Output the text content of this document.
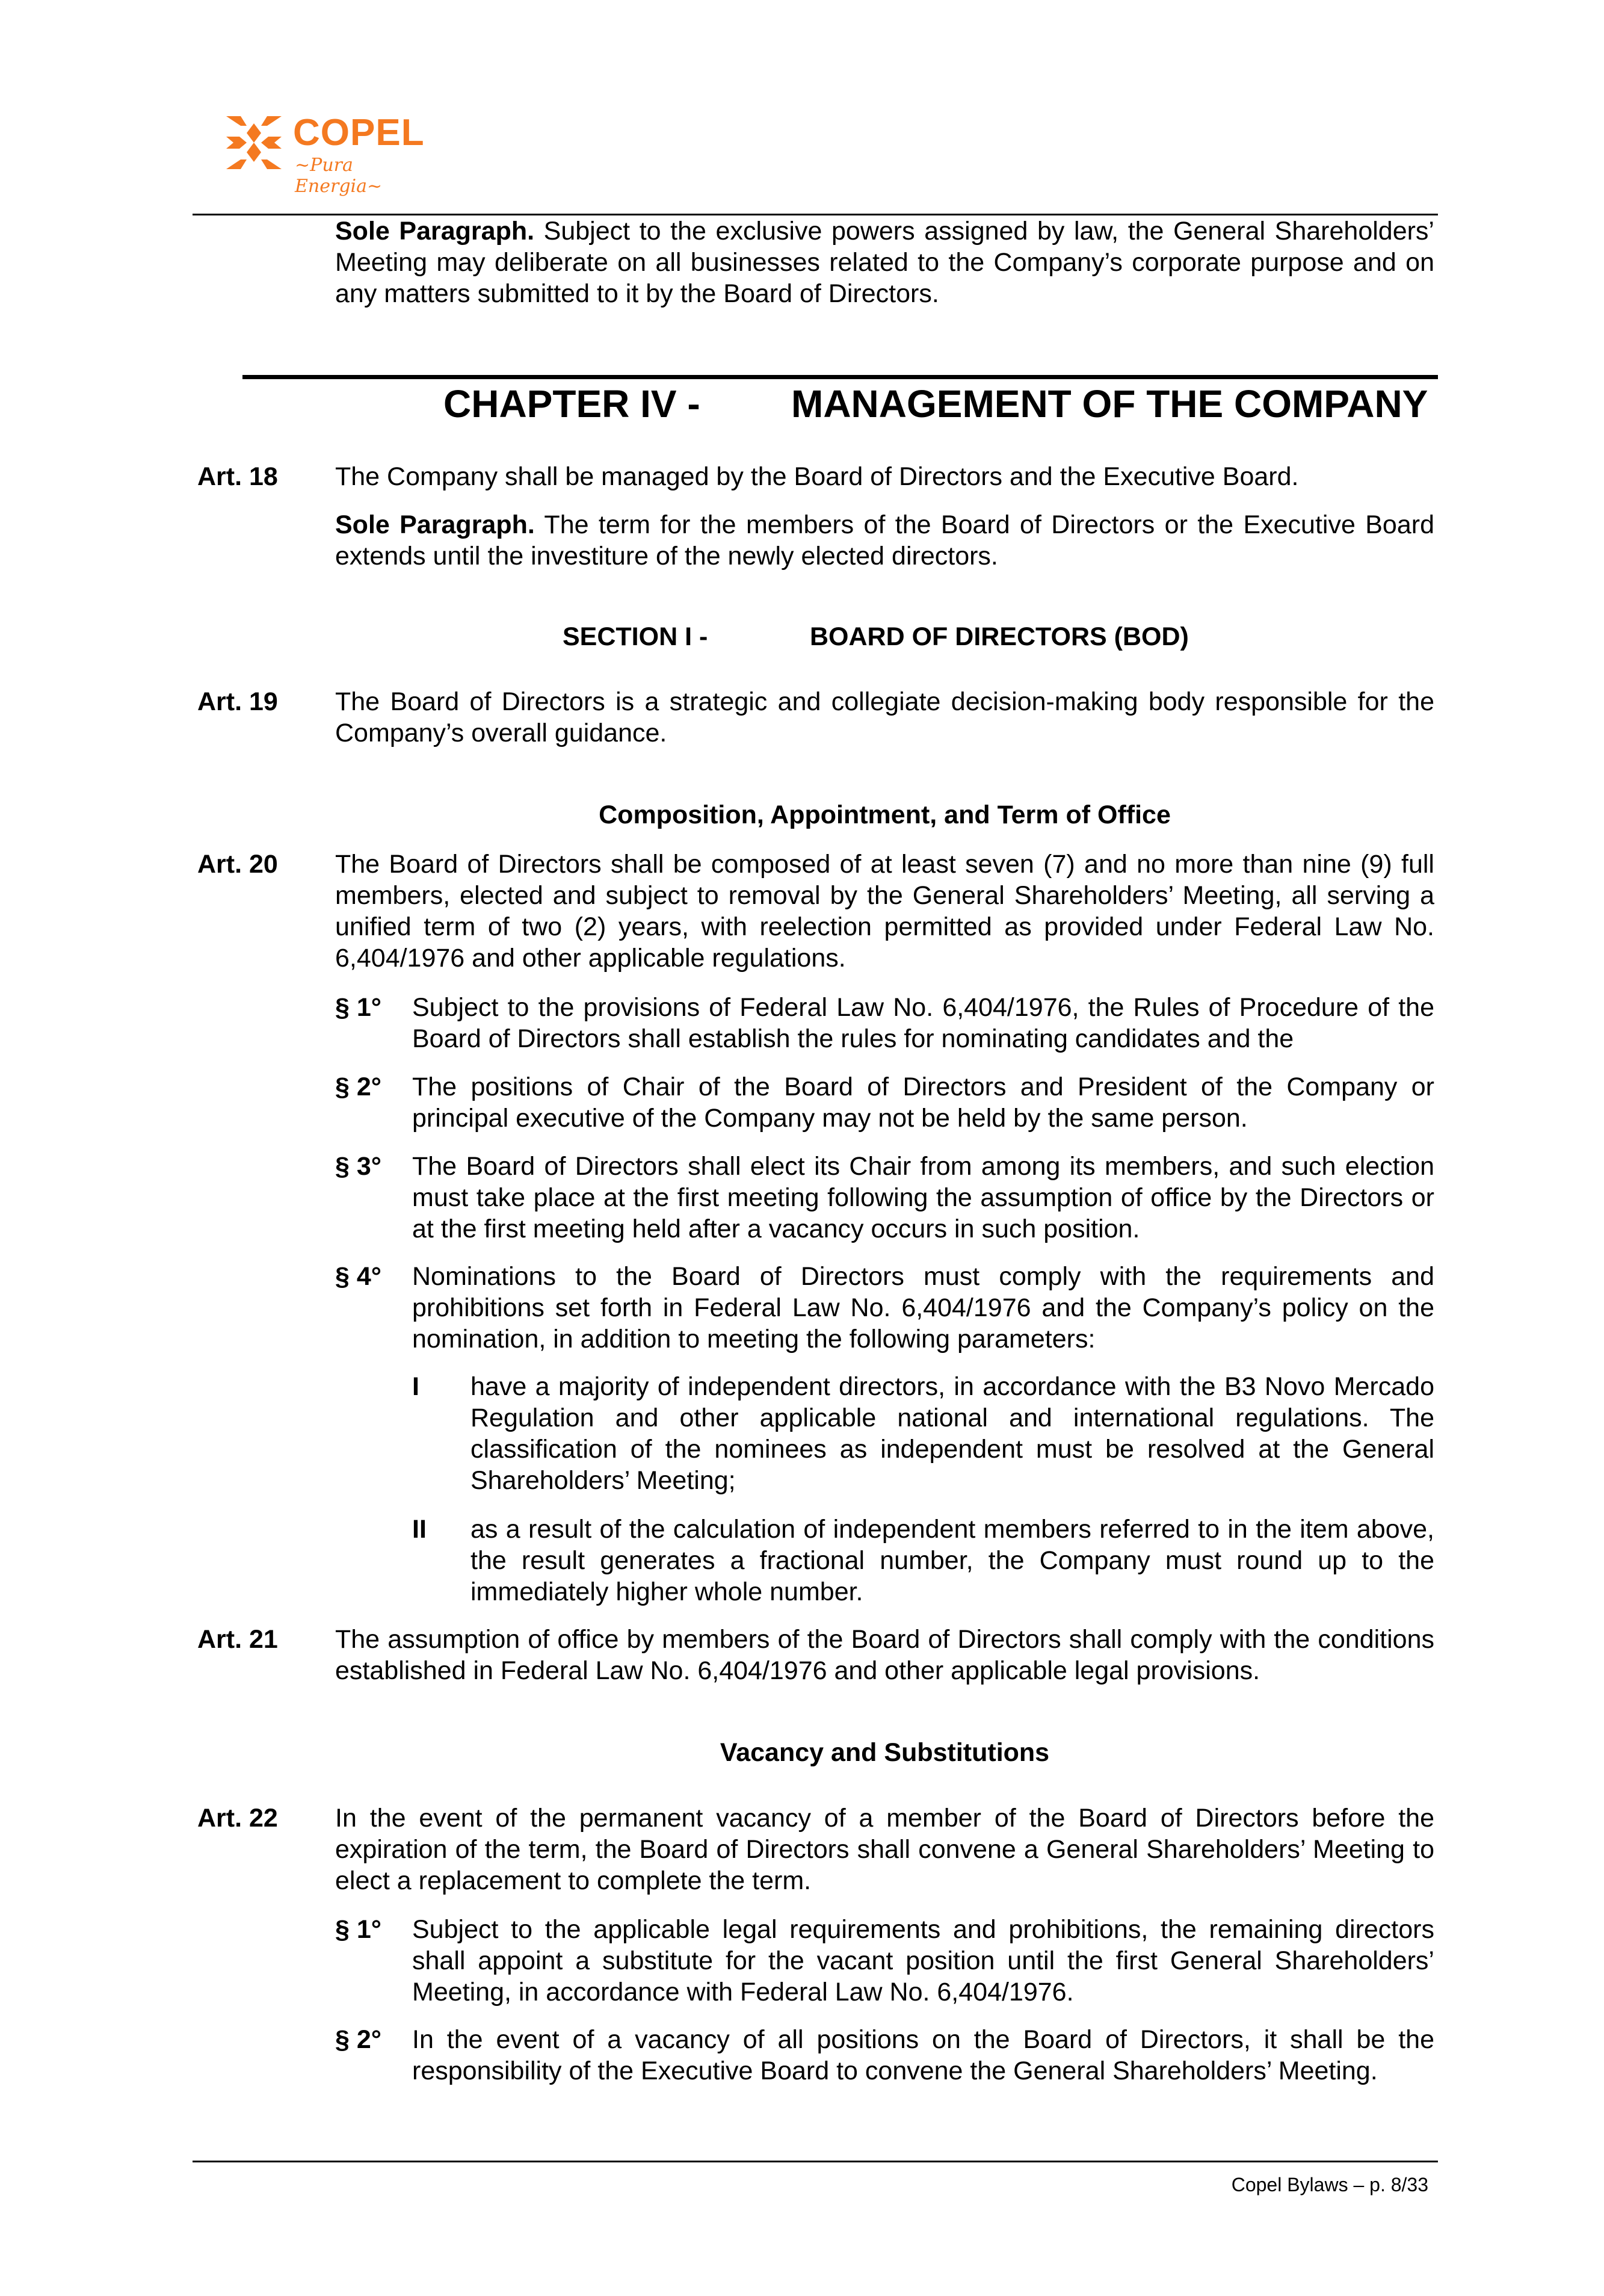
COPEL
~Pura Energia~
Sole Paragraph. Subject to the exclusive powers assigned by law, the General Shareholders’ Meeting may deliberate on all businesses related to the Company’s corporate purpose and on any matters submitted to it by the Board of Directors.
CHAPTER IV - MANAGEMENT OF THE COMPANY
Art. 18 The Company shall be managed by the Board of Directors and the Executive Board.
Sole Paragraph. The term for the members of the Board of Directors or the Executive Board extends until the investiture of the newly elected directors.
SECTION I -	BOARD OF DIRECTORS (BOD)
Art. 19 The Board of Directors is a strategic and collegiate decision-making body responsible for the Company’s overall guidance.
Composition, Appointment, and Term of Office
Art. 20 The Board of Directors shall be composed of at least seven (7) and no more than nine (9) full members, elected and subject to removal by the General Shareholders’ Meeting, all serving a unified term of two (2) years, with reelection permitted as provided under Federal Law No. 6,404/1976 and other applicable regulations.
§ 1° Subject to the provisions of Federal Law No. 6,404/1976, the Rules of Procedure of the Board of Directors shall establish the rules for nominating candidates and the
§ 2° The positions of Chair of the Board of Directors and President of the Company or principal executive of the Company may not be held by the same person.
§ 3° The Board of Directors shall elect its Chair from among its members, and such election must take place at the first meeting following the assumption of office by the Directors or at the first meeting held after a vacancy occurs in such position.
§ 4° Nominations to the Board of Directors must comply with the requirements and prohibitions set forth in Federal Law No. 6,404/1976 and the Company’s policy on the nomination, in addition to meeting the following parameters:
I have a majority of independent directors, in accordance with the B3 Novo Mercado Regulation and other applicable national and international regulations. The classification of the nominees as independent must be resolved at the General Shareholders’ Meeting;
II as a result of the calculation of independent members referred to in the item above, the result generates a fractional number, the Company must round up to the immediately higher whole number.
Art. 21 The assumption of office by members of the Board of Directors shall comply with the conditions established in Federal Law No. 6,404/1976 and other applicable legal provisions.
Vacancy and Substitutions
Art. 22 In the event of the permanent vacancy of a member of the Board of Directors before the expiration of the term, the Board of Directors shall convene a General Shareholders’ Meeting to elect a replacement to complete the term.
§ 1° Subject to the applicable legal requirements and prohibitions, the remaining directors shall appoint a substitute for the vacant position until the first General Shareholders’ Meeting, in accordance with Federal Law No. 6,404/1976.
§ 2° In the event of a vacancy of all positions on the Board of Directors, it shall be the responsibility of the Executive Board to convene the General Shareholders’ Meeting.
Copel Bylaws – p. 8/33
